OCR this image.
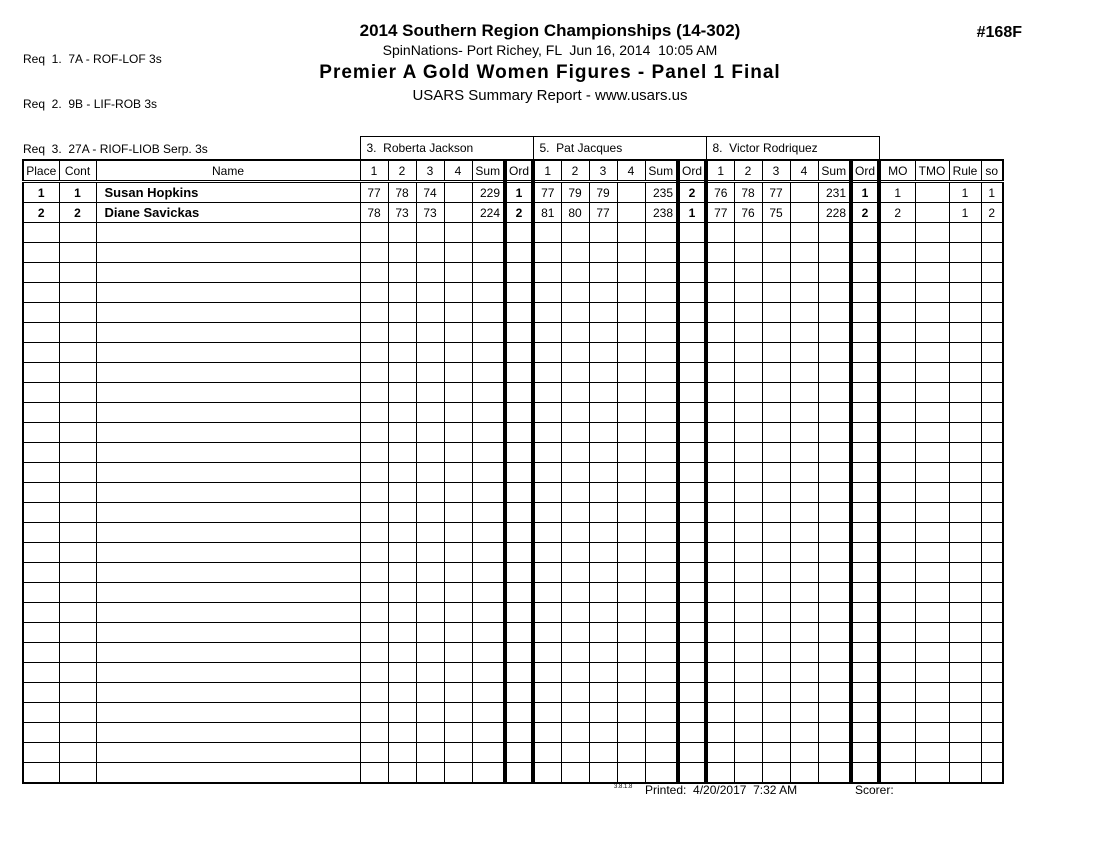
Req  1.  7A - ROF-LOF 3s

Req  2.  9B - LIF-ROB 3s

Req  3.  27A - RIOF-LIOB Serp. 3s

2014 Southern Region Championships (14-302)
SpinNations- Port Richey, FL  Jun 16, 2014  10:05 AM
Premier A Gold Women Figures - Panel 1 Final
USARS Summary Report - www.usars.us
#168F
			3.  Roberta Jackson						5.  Pat Jacques						8.  Victor Rodriquez									
Place	Cont	Name	1	2	3	4	Sum	Ord	1	2	3	4	Sum	Ord	1	2	3	4	Sum	Ord	MO	TMO	Rule	so
1	1	Susan Hopkins	77	78	74		229	1	77	79	79		235	2	76	78	77		231	1	1		1	1
2	2	Diane Savickas	78	73	73		224	2	81	80	77		238	1	77	76	75		228	2	2		1	2

3.8.1.8 Printed:  4/20/2017  7:32 AM	Scorer:
